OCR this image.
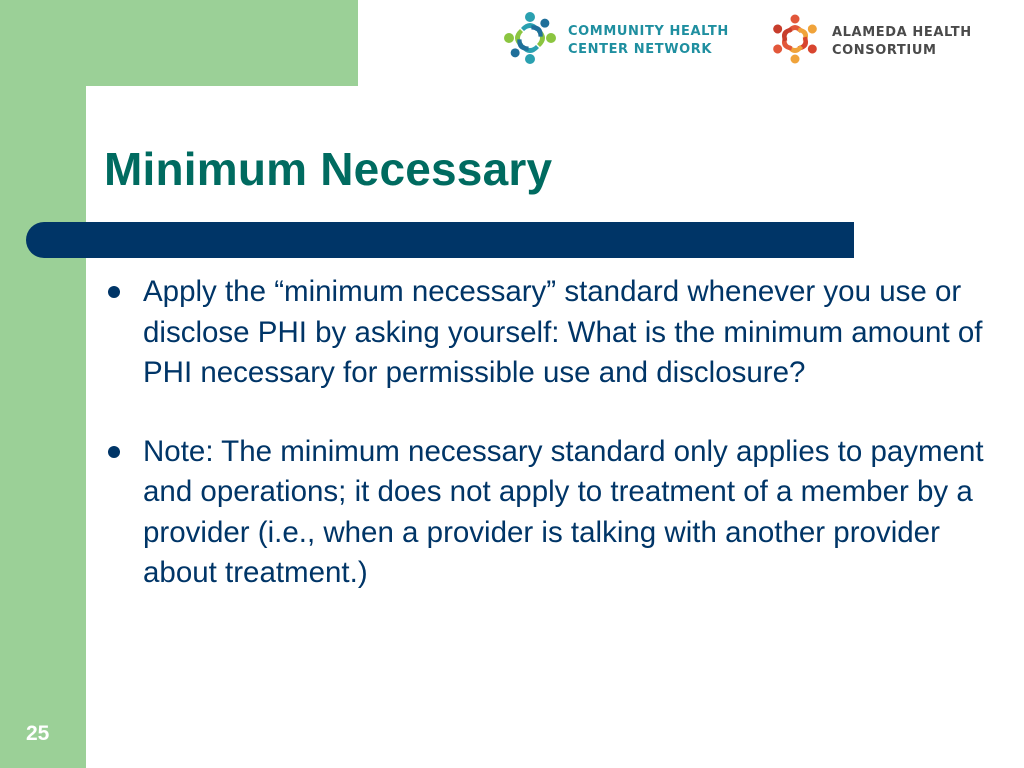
COMMUNITY HEALTH
CENTER NETWORK
ALAMEDA HEALTH
CONSORTIUM
Minimum Necessary
Apply the “minimum necessary” standard whenever you use or disclose PHI by asking yourself: What is the minimum amount of PHI necessary for permissible use and disclosure?
Note: The minimum necessary standard only applies to payment and operations; it does not apply to treatment of a member by a provider (i.e., when a provider is talking with another provider about treatment.)
25
